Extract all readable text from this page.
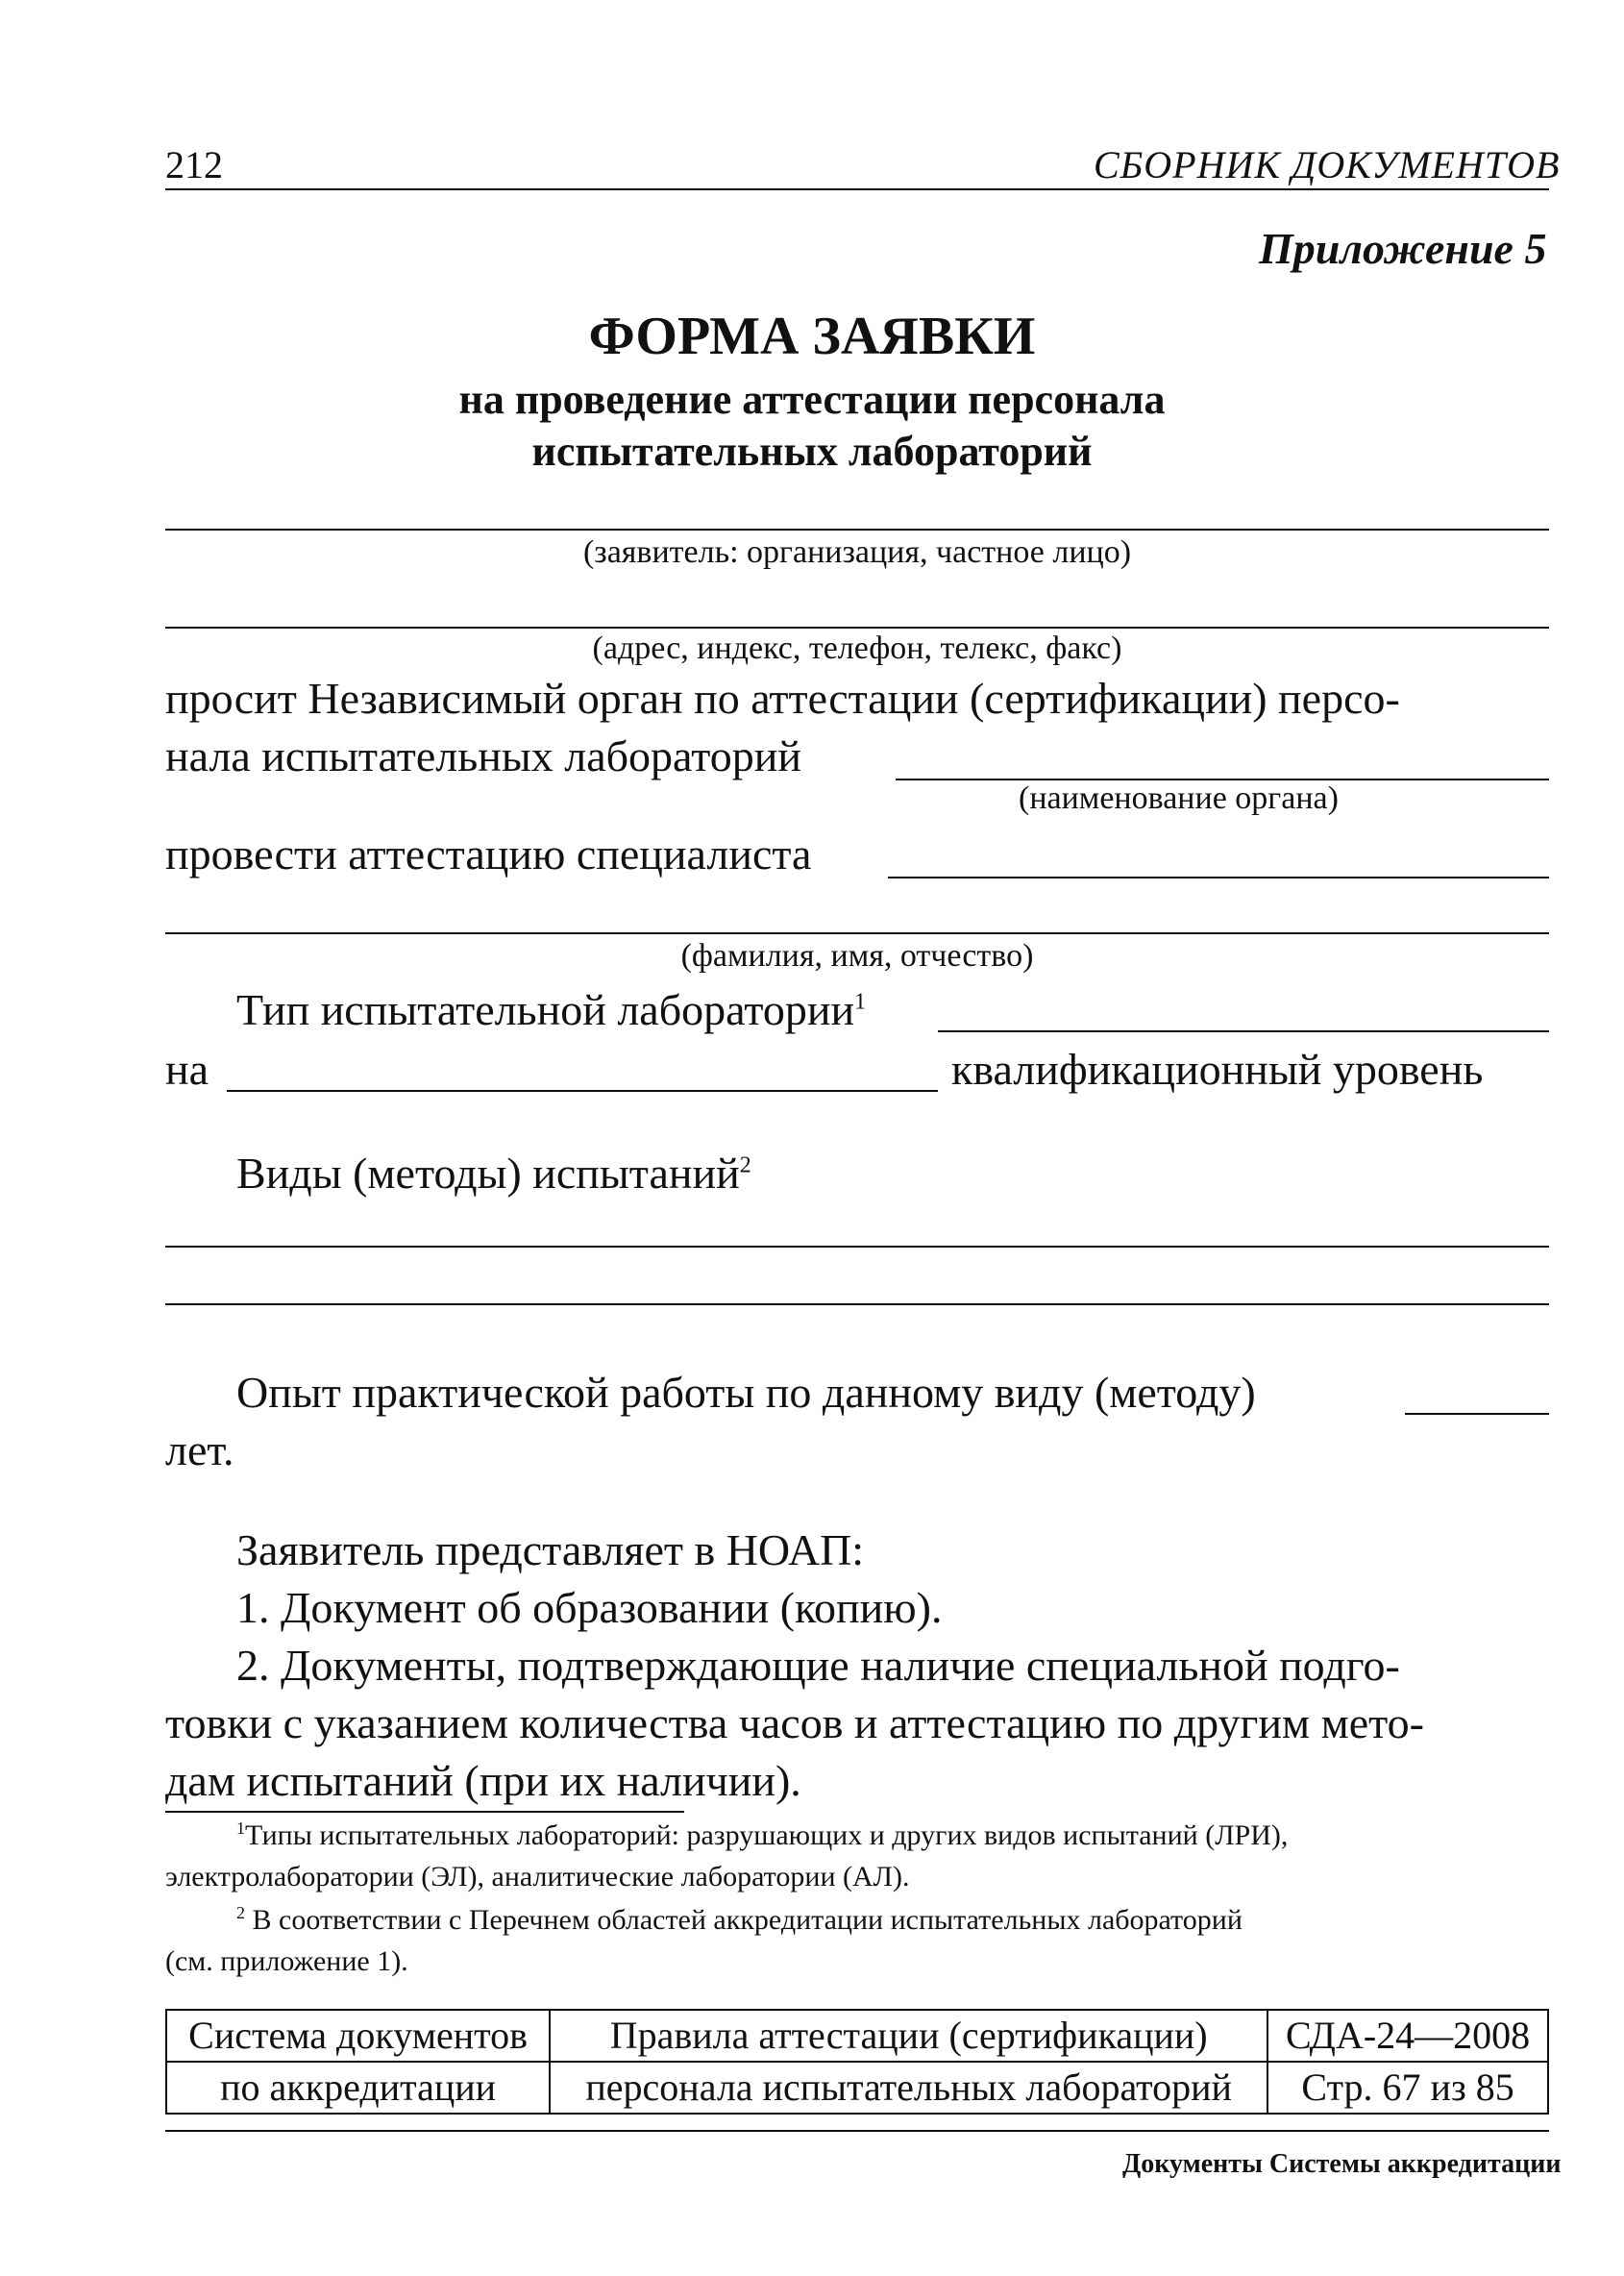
212	СБОРНИК ДОКУМЕНТОВ
Приложение 5
ФОРМА ЗАЯВКИ
на проведение аттестации персонала
испытательных лабораторий
(заявитель: организация, частное лицо)
(адрес, индекс, телефон, телекс, факс)
просит Независимый орган по аттестации (сертификации) персо-
нала испытательных лабораторий
(наименование органа)
провести аттестацию специалиста
(фамилия, имя, отчество)
Тип испытательной лаборатории$^1$
на	квалификационный уровень
Виды (методы) испытаний$^2$
Опыт практической работы по данному виду (методу)
лет.
Заявитель представляет в НОАП:
1. Документ об образовании (копию).
2. Документы, подтверждающие наличие специальной подго-
товки с указанием количества часов и аттестацию по другим мето-
дам испытаний (при их наличии).
$^1$Типы испытательных лабораторий: разрушающих и других видов испытаний (ЛРИ),
электролаборатории (ЭЛ), аналитические лаборатории (АЛ).
$^2$ В соответствии с Перечнем областей аккредитации испытательных лабораторий
(см. приложение 1).
Система документов	Правила аттестации (сертификации)	СДА-24—2008
по аккредитации	персонала испытательных лабораторий	Стр. 67 из 85
Документы Системы аккредитации
